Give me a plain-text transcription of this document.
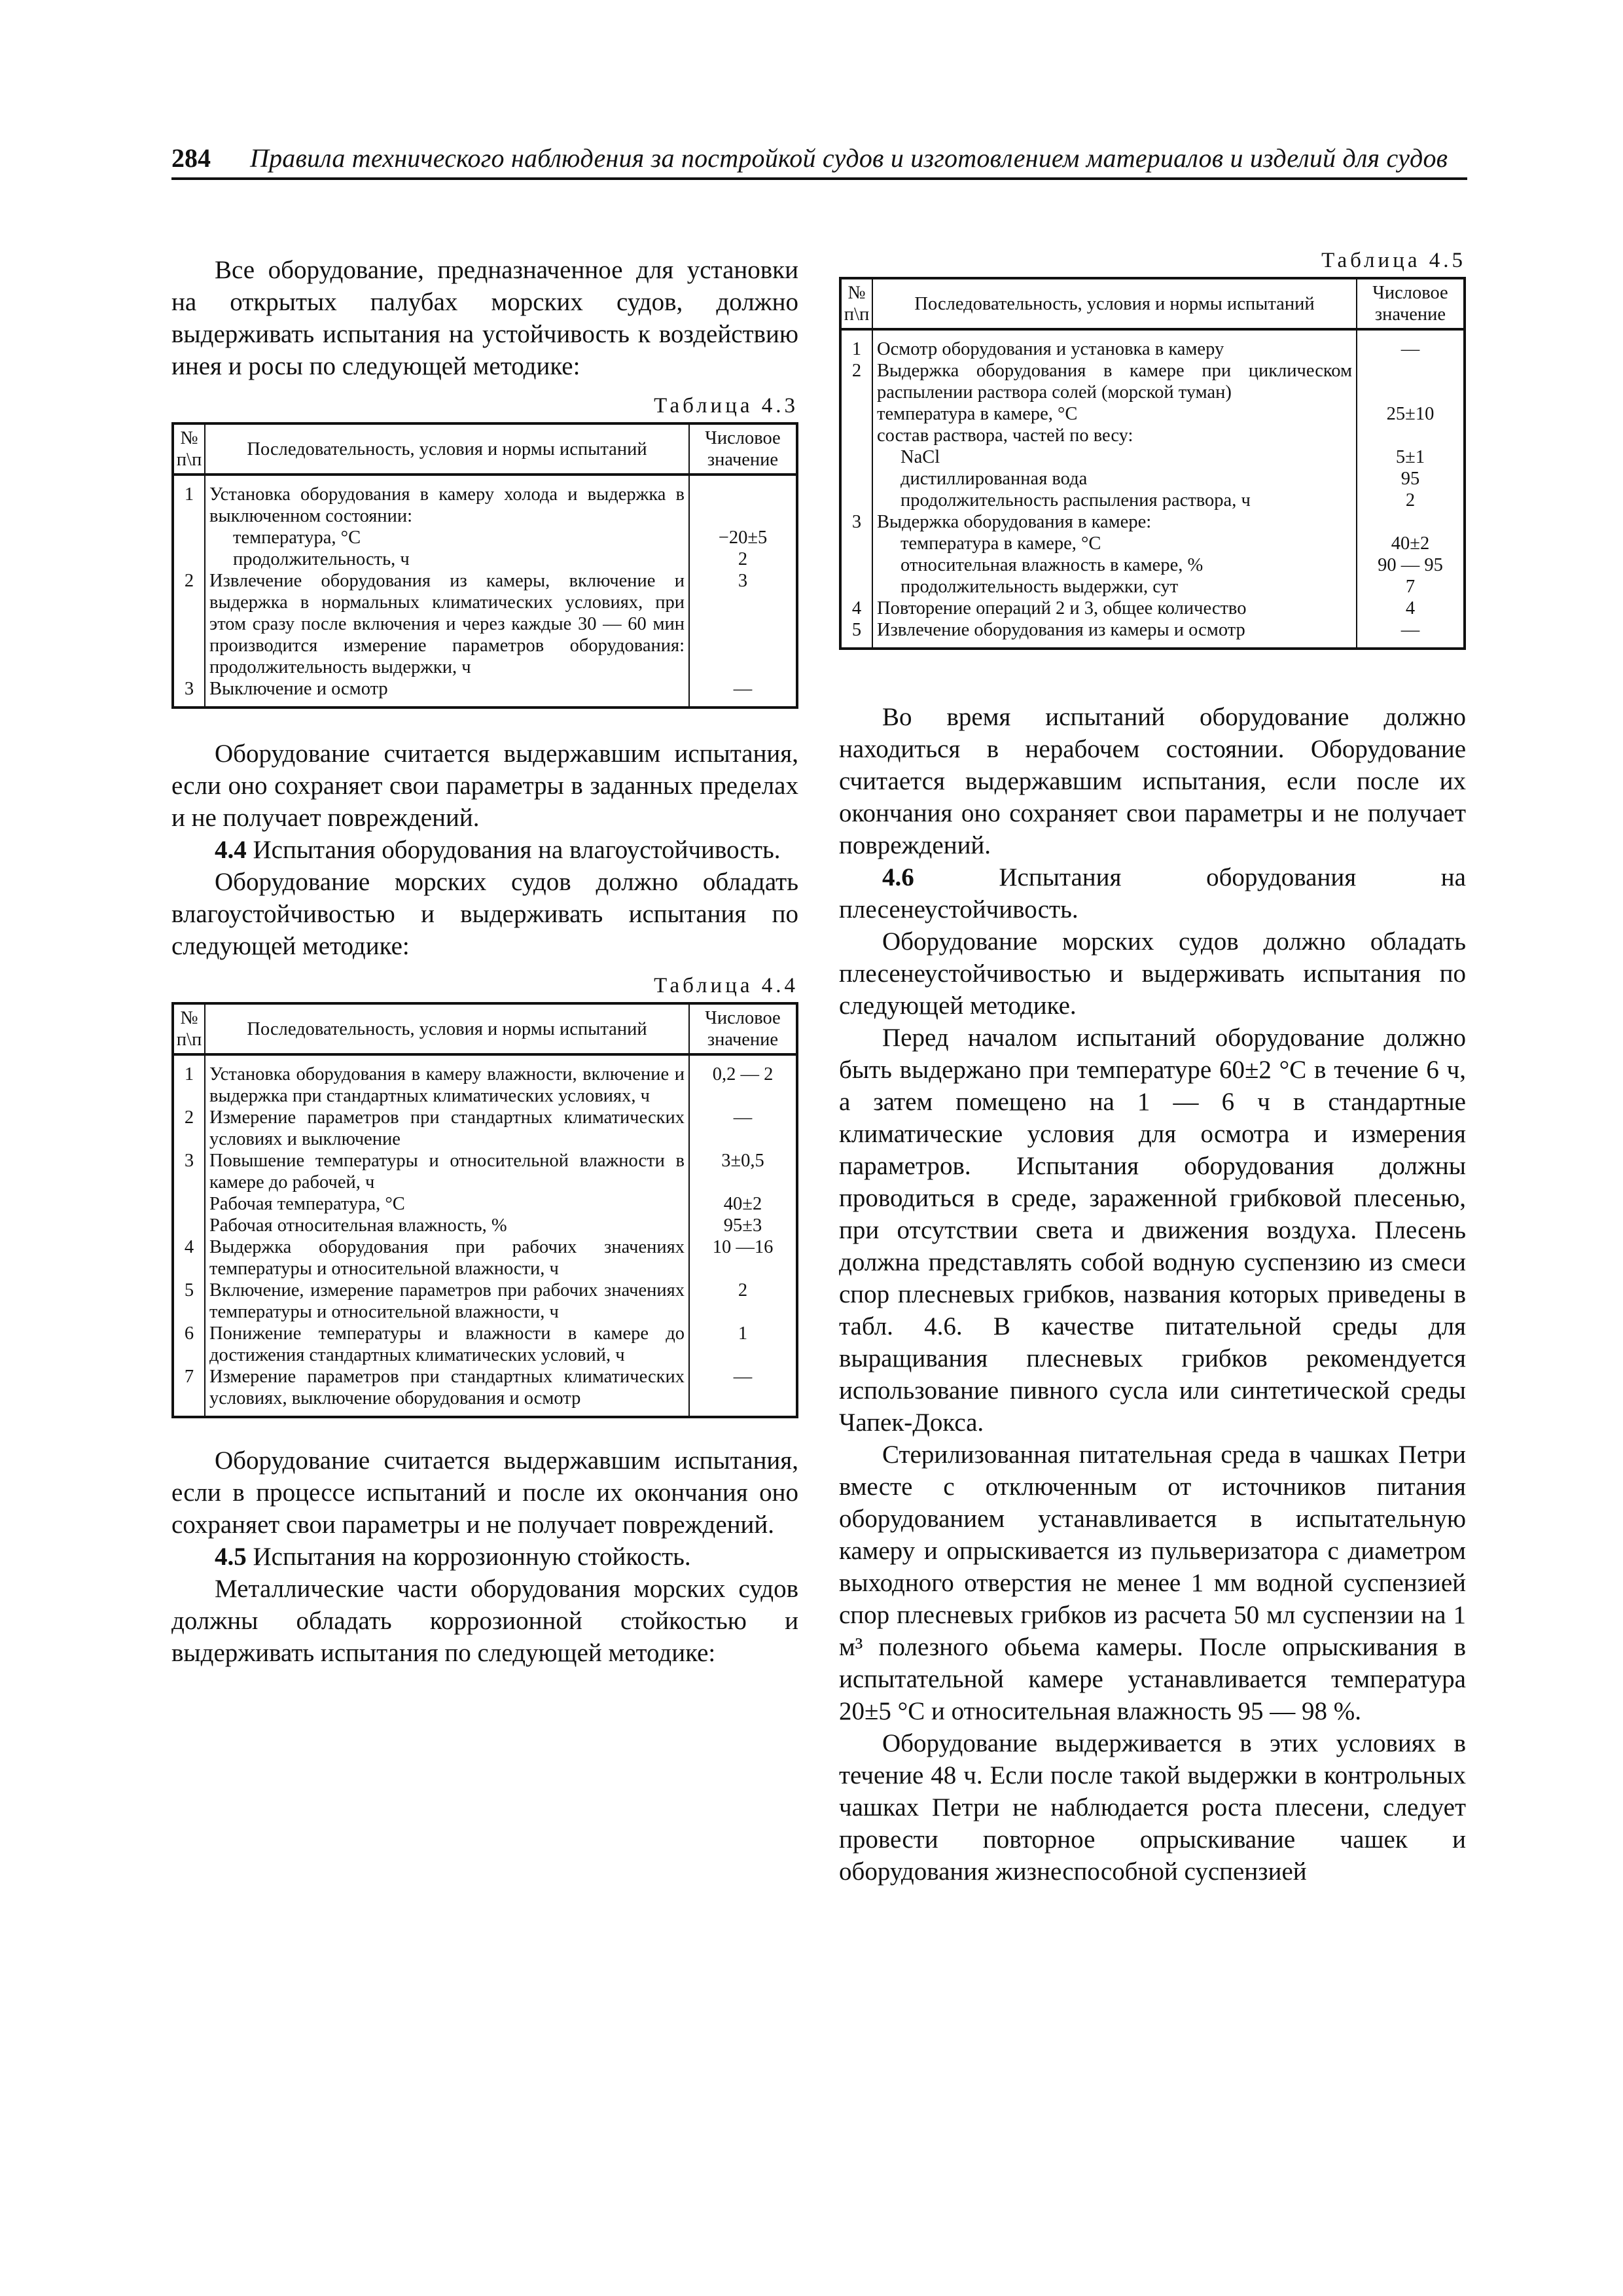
284 Правила технического наблюдения за постройкой судов и изготовлением материалов и изделий для судов

Все оборудование, предназначенное для установки на открытых палубах морских судов, должно выдерживать испытания на устойчивость к воздействию инея и росы по следующей методике:

Таблица 4.3
№ п\п	Последовательность, условия и нормы испытаний	Числовое значение
1	Установка оборудования в камеру холода и выдержка в выключенном состоянии:	

	температура, °С	−20±5

	продолжительность, ч	2
2	Извлечение оборудования из камеры, включение и выдержка в нормальных климатических условиях, при этом сразу после включения и через каждые 30 — 60 мин производится измерение параметров оборудования: продолжительность выдержки, ч	3
3	Выключение и осмотр	—

Оборудование считается выдержавшим испытания, если оно сохраняет свои параметры в заданных пределах и не получает повреждений.

4.4 Испытания оборудования на влагоустойчивость.

Оборудование морских судов должно обладать влагоустойчивостью и выдерживать испытания по следующей методике:

Таблица 4.4
№ п\п	Последовательность, условия и нормы испытаний	Числовое значение
1	Установка оборудования в камеру влажности, включение и выдержка при стандартных климатических условиях, ч	0,2 — 2
2	Измерение параметров при стандартных климатических условиях и выключение	—
3	Повышение температуры и относительной влажности в камере до рабочей, ч	3±0,5
	Рабочая температура, °С	40±2
	Рабочая относительная влажность, %	95±3
4	Выдержка оборудования при рабочих значениях температуры и относительной влажности, ч	10 —16
5	Включение, измерение параметров при рабочих значениях температуры и относительной влажности, ч	2
6	Понижение температуры и влажности в камере до достижения стандартных климатических условий, ч	1
7	Измерение параметров при стандартных климатических условиях, выключение оборудования и осмотр	—

Оборудование считается выдержавшим испытания, если в процессе испытаний и после их окончания оно сохраняет свои параметры и не получает повреждений.

4.5 Испытания на коррозионную стойкость.

Металлические части оборудования морских судов должны обладать коррозионной стойкостью и выдерживать испытания по следующей методике:

Таблица 4.5
№ п\п	Последовательность, условия и нормы испытаний	Числовое значение
1	Осмотр оборудования и установка в камеру	—
2	Выдержка оборудования в камере при циклическом распылении раствора солей (морской туман)	
	температура в камере, °С	25±10
	состав раствора, частей по весу:	

	NaCl	5±1

	дистиллированная вода	95

	продолжительность распыления раствора, ч	2
3	Выдержка оборудования в камере:	

	температура в камере, °С	40±2

	относительная влажность в камере, %	90 — 95

	продолжительность выдержки, сут	7
4	Повторение операций 2 и 3, общее количество	4
5	Извлечение оборудования из камеры и осмотр	—

Во время испытаний оборудование должно находиться в нерабочем состоянии. Оборудование считается выдержавшим испытания, если после их окончания оно сохраняет свои параметры и не получает повреждений.

4.6 Испытания оборудования на плесенеустойчивость.

Оборудование морских судов должно обладать плесенеустойчивостью и выдерживать испытания по следующей методике.

Перед началом испытаний оборудование должно быть выдержано при температуре 60±2 °С в течение 6 ч, а затем помещено на 1 — 6 ч в стандартные климатические условия для осмотра и измерения параметров. Испытания оборудования должны проводиться в среде, зараженной грибковой плесенью, при отсутствии света и движения воздуха. Плесень должна представлять собой водную суспензию из смеси спор плесневых грибков, названия которых приведены в табл. 4.6. В качестве питательной среды для выращивания плесневых грибков рекомендуется использование пивного сусла или синтетической среды Чапек-Докса.

Стерилизованная питательная среда в чашках Петри вместе с отключенным от источников питания оборудованием устанавливается в испытательную камеру и опрыскивается из пульверизатора с диаметром выходного отверстия не менее 1 мм водной суспензией спор плесневых грибков из расчета 50 мл суспензии на 1 м³ полезного обьема камеры. После опрыскивания в испытательной камере устанавливается температура 20±5 °С и относительная влажность 95 — 98 %.

Оборудование выдерживается в этих условиях в течение 48 ч. Если после такой выдержки в контрольных чашках Петри не наблюдается роста плесени, следует провести повторное опрыскивание чашек и оборудования жизнеспособной суспензией
